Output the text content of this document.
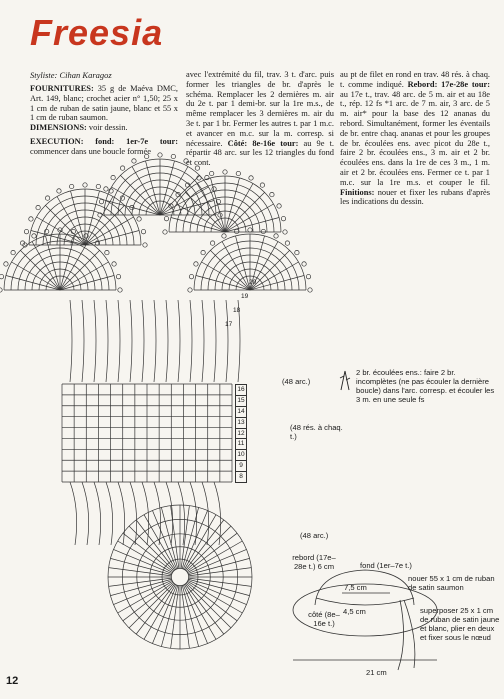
Freesia
Styliste: Cihan Karagoz

FOURNITURES: 35 g de Maéva DMC, Art. 149, blanc; crochet acier n° 1,50; 25 x 1 cm de ruban de satin jaune, blanc et 55 x 1 cm de ruban saumon.
DIMENSIONS: voir dessin.

EXECUTION: fond: 1er-7e tour: commencer dans une boucle formée

avec l'extrémité du fil, trav. 3 t. d'arc. puis former les triangles de br. d'après le schéma. Remplacer les 2 dernières m. air du 2e t. par 1 demi-br. sur la 1re m.s., de même remplacer les 3 dernières m. air du 3e t. par 1 br. Fermer les autres t. par 1 m.c. et avancer en m.c. sur la m. corresp. si nécessaire. Côté: 8e-16e tour: au 9e t. répartir 48 arc. sur les 12 triangles du fond et cont.

au pt de filet en rond en trav. 48 rés. à chaq. t. comme indiqué. Rebord: 17e-28e tour: au 17e t., trav. 48 arc. de 5 m. air et au 18e t., rép. 12 fs *1 arc. de 7 m. air, 3 arc. de 5 m. air* pour la base des 12 ananas du rebord. Simultanément, former les éventails de br. entre chaq. ananas et pour les groupes de br. écoulées ens. avec picot du 28e t., faire 2 br. écoulées ens., 3 m. air et 2 br. écoulées ens. dans la 1re de ces 3 m., 1 m. air et 2 br. écoulées ens. Fermer ce t. par 1 m.c. sur la 1re m.s. et couper le fil. Finitions: nouer et fixer les rubans d'après les indications du dessin.

16
15
14
13
12
11
10
9
8
17
18
19
20
(48 arc.)
(48 rés. à chaq. t.)
(48 arc.)
2 br. écoulées ens.: faire 2 br. incomplètes (ne pas écouler la dernière boucle) dans l'arc. corresp. et écouler les 3 m. en une seule fs
rebord (17e–28e t.) 6 cm	fond (1er–7e t.)
7,5 cm
4,5 cm
côté (8e–16e t.)
nouer 55 x 1 cm de ruban de satin saumon
superposer 25 x 1 cm de ruban de satin jaune et blanc, plier en deux et fixer sous le nœud
21 cm
12
